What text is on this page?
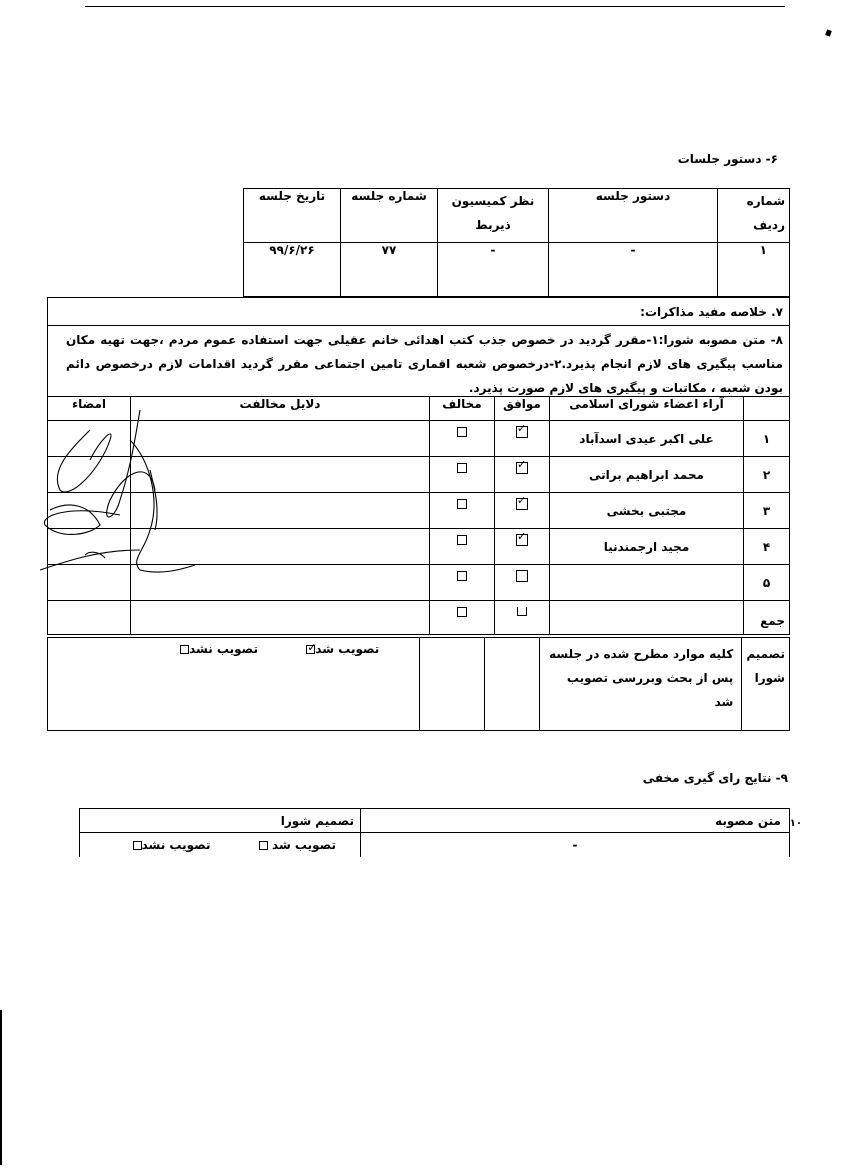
۶- دستور جلسات
شماره ردیف	دستور جلسه	نظر کمیسیون ذیربط	شماره جلسه	تاریخ جلسه
۱	-	-	۷۷	۹۹/۶/۲۶
۷. خلاصه مفید مذاکرات:
۸- متن مصوبه شورا:۱-مقرر گردید در خصوص جذب کتب اهدائی خانم عقیلی جهت استفاده عموم مردم ،جهت تهیه مکان مناسب پیگیری های لازم انجام پذیرد.۲-درخصوص شعبه اقماری تامین اجتماعی مقرر گردید اقدامات لازم درخصوص دائم بودن شعبه ، مکاتبات و پیگیری های لازم صورت پذیرد.
	آراء اعضاء شورای اسلامی	موافق	مخالف	دلایل مخالفت	امضاء
۱	علی اکبر عیدی اسدآباد	✓			
۲	محمد ابراهیم براتی	✓			
۳	مجتبی بخشی	✓			
۴	مجید ارجمندنیا	✓			
۵					
جمع					
تصمیم شورا	کلیه موارد مطرح شده در جلسه پس از بحث وبررسی تصویب شد			تصویب شد✓  تصویب نشد
۹- نتایج رای گیری مخفی
۱۰
متن مصوبه	تصمیم شورا
-	تصویب شد   تصویب نشد
